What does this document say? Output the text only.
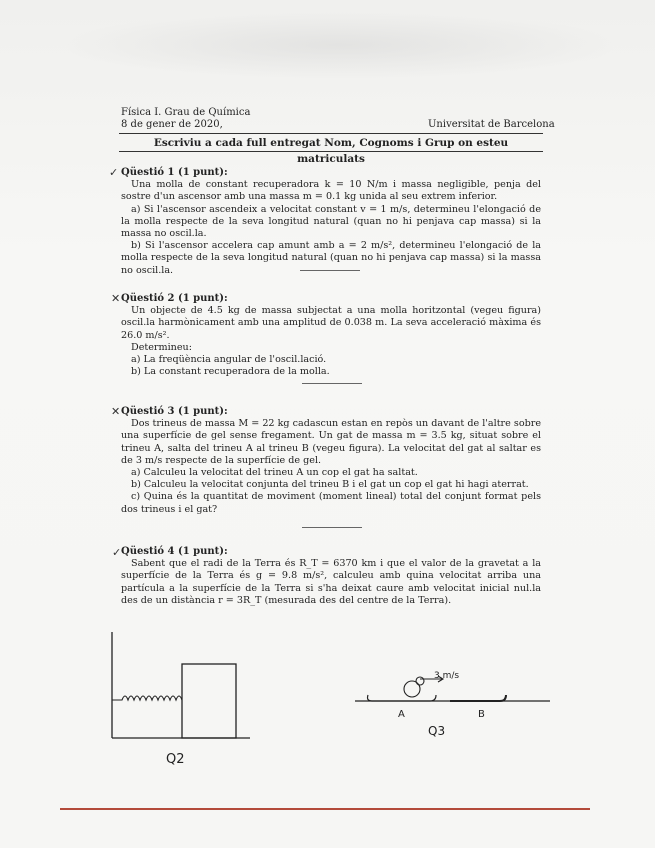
Física I. Grau de Química
8 de gener de 2020,	Universitat de Barcelona
Escriviu a cada full entregat Nom, Cognoms i Grup on esteu matriculats
✓ Qüestió 1 (1 punt):

Una molla de constant recuperadora k = 10 N/m i massa negligible, penja del sostre d'un ascensor amb una massa m = 0.1 kg unida al seu extrem inferior.

a) Si l'ascensor ascendeix a velocitat constant v = 1 m/s, determineu l'elongació de la molla respecte de la seva longitud natural (quan no hi penjava cap massa) si la massa no oscil.la.

b) Si l'ascensor accelera cap amunt amb a = 2 m/s², determineu l'elongació de la molla respecte de la seva longitud natural (quan no hi penjava cap massa) si la massa no oscil.la.

✕ Qüestió 2 (1 punt):

Un objecte de 4.5 kg de massa subjectat a una molla horitzontal (vegeu figura) oscil.la harmònicament amb una amplitud de 0.038 m. La seva acceleració màxima és 26.0 m/s².

Determineu:

a) La freqüència angular de l'oscil.lació.

b) La constant recuperadora de la molla.

✕ Qüestió 3 (1 punt):

Dos trineus de massa M = 22 kg cadascun estan en repòs un davant de l'altre sobre una superfície de gel sense fregament. Un gat de massa m = 3.5 kg, situat sobre el trineu A, salta del trineu A al trineu B (vegeu figura). La velocitat del gat al saltar es de 3 m/s respecte de la superfície de gel.

a) Calculeu la velocitat del trineu A un cop el gat ha saltat.

b) Calculeu la velocitat conjunta del trineu B i el gat un cop el gat hi hagi aterrat.

c) Quina és la quantitat de moviment (moment lineal) total del conjunt format pels dos trineus i el gat?

✓ Qüestió 4 (1 punt):

Sabent que el radi de la Terra és R_T = 6370 km i que el valor de la gravetat a la superfície de la Terra és g = 9.8 m/s², calculeu amb quina velocitat arriba una partícula a la superfície de la Terra si s'ha deixat caure amb velocitat inicial nul.la des de un distància r = 3R_T (mesurada des del centre de la Terra).

Q2
3 m/s
A	B
Q3
